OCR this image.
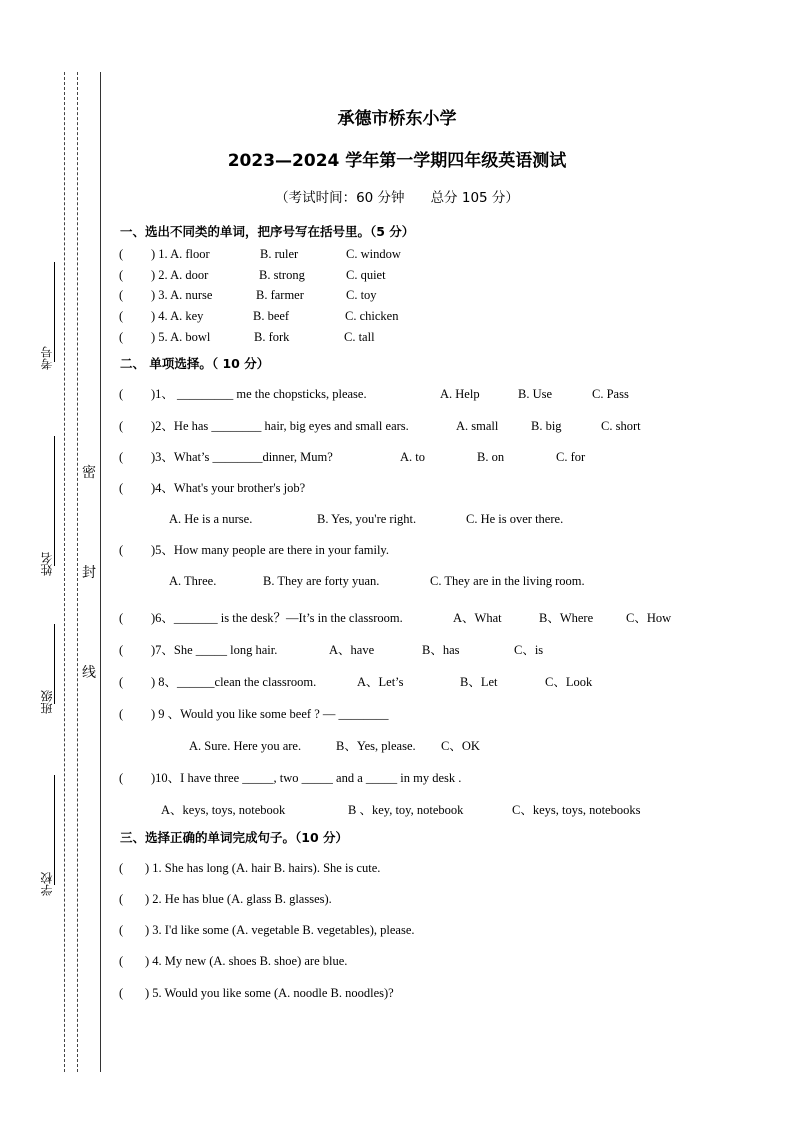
考号
姓名
班级
学校
密
封
线
承德市桥东小学
2023—2024 学年第一学期四年级英语测试
（考试时间：60 分钟 总分 105 分）
一、选出不同类的单词，把序号写在括号里。（5 分）
( ) 1. A. floor	B. ruler	C. window
( ) 2. A. door	B. strong	C. quiet
( ) 3. A. nurse	B. farmer	C. toy
( ) 4. A. key	B. beef	C. chicken
( ) 5. A. bowl	B. fork	C. tall
二、 单项选择。（ 10 分）
( )1、 _________ me the chopsticks, please.	A. Help	B. Use	C. Pass
( )2、He has ________ hair, big eyes and small ears.	A. small	B. big	C. short
( )3、What’s ________dinner, Mum?	A. to	B. on	C. for
( )4、What's your brother's job?
A. He is a nurse.	B. Yes, you're right.	C. He is over there.
( )5、How many people are there in your family.
A. Three.	B. They are forty yuan.	C. They are in the living room.
( )6、_______ is the desk？—It’s in the classroom.	A、What	B、Where	C、How
( )7、She _____ long hair.	A、have	B、has	C、is
( ) 8、______clean the classroom.	A、Let’s	B、Let	C、Look
( ) 9 、Would you like some beef ? — ________
A. Sure. Here you are.	B、Yes, please. C、OK
( )10、I have three _____, two _____ and a _____ in my desk .
A、keys, toys, notebook	B 、key, toy, notebook	C、keys, toys, notebooks
三、选择正确的单词完成句子。（10 分）
( ) 1. She has long (A. hair B. hairs). She is cute.
( ) 2. He has blue (A. glass B. glasses).
( ) 3. I'd like some (A. vegetable B. vegetables), please.
( ) 4. My new (A. shoes B. shoe) are blue.
( ) 5. Would you like some (A. noodle B. noodles)?
